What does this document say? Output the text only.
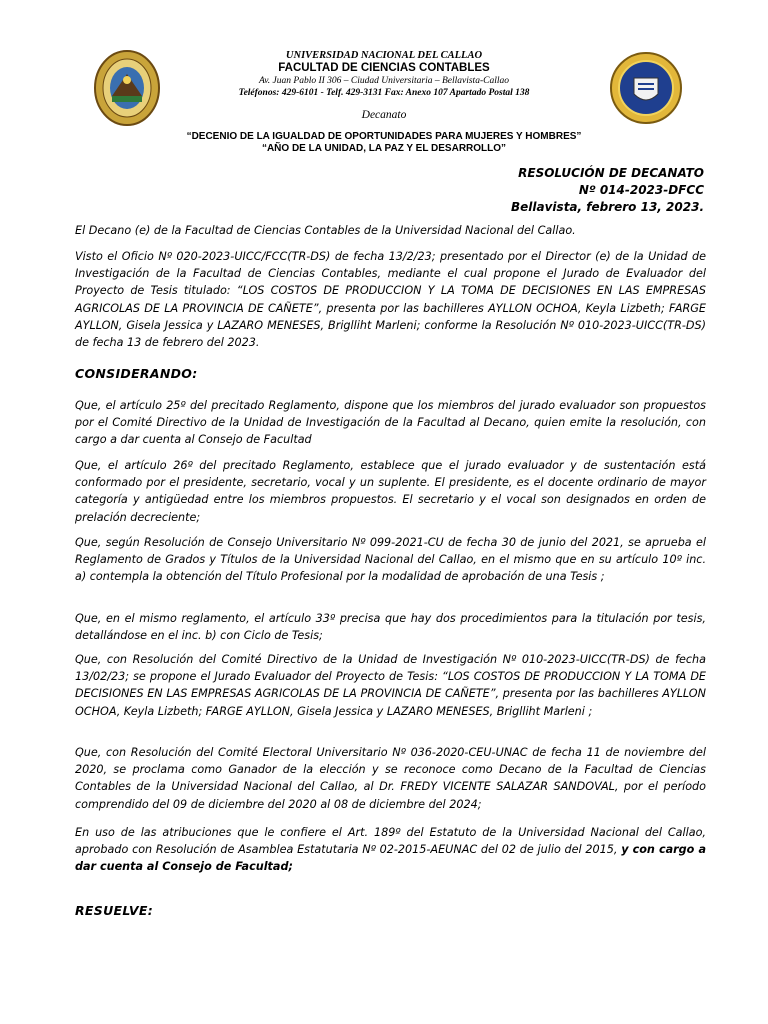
UNIVERSIDAD NACIONAL DEL CALLAO
FACULTAD DE CIENCIAS CONTABLES
Av. Juan Pablo II 306 – Ciudad Universitaria – Bellavista-Callao
Teléfonos: 429-6101 - Telf. 429-3131 Fax: Anexo 107 Apartado Postal 138
Decanato
“DECENIO DE LA IGUALDAD DE OPORTUNIDADES PARA MUJERES Y HOMBRES”
“AÑO DE LA UNIDAD, LA PAZ Y EL DESARROLLO”
RESOLUCIÓN DE DECANATO
Nº 014-2023-DFCC
Bellavista, febrero 13, 2023.

El Decano (e) de la Facultad de Ciencias Contables de la Universidad Nacional del Callao.

Visto el Oficio Nº 020-2023-UICC/FCC(TR-DS) de fecha 13/2/23; presentado por el Director (e) de la Unidad de Investigación de la Facultad de Ciencias Contables, mediante el cual propone el Jurado de Evaluador del Proyecto de Tesis titulado: “LOS COSTOS DE PRODUCCION Y LA TOMA DE DECISIONES EN LAS EMPRESAS AGRICOLAS DE LA PROVINCIA DE CAÑETE”, presenta por las bachilleres AYLLON OCHOA, Keyla Lizbeth; FARGE AYLLON, Gisela Jessica y LAZARO MENESES, Briglliht Marleni; conforme la Resolución Nº 010-2023-UICC(TR-DS) de fecha 13 de febrero del 2023.

CONSIDERANDO:

Que, el artículo 25º del precitado Reglamento, dispone que los miembros del jurado evaluador son propuestos por el Comité Directivo de la Unidad de Investigación de la Facultad al Decano, quien emite la resolución, con cargo a dar cuenta al Consejo de Facultad

Que, el artículo 26º del precitado Reglamento, establece que el jurado evaluador y de sustentación está conformado por el presidente, secretario, vocal y un suplente. El presidente, es el docente ordinario de mayor categoría y antigüedad entre los miembros propuestos. El secretario y el vocal son designados en orden de prelación decreciente;

Que, según Resolución de Consejo Universitario Nº 099-2021-CU de fecha 30 de junio del 2021, se aprueba el Reglamento de Grados y Títulos de la Universidad Nacional del Callao, en el mismo que en su artículo 10º inc. a) contempla la obtención del Título Profesional por la modalidad de aprobación de una Tesis ;

Que, en el mismo reglamento, el artículo 33º precisa que hay dos procedimientos para la titulación por tesis, detallándose en el inc. b) con Ciclo de Tesis;

Que, con Resolución del Comité Directivo de la Unidad de Investigación Nº 010-2023-UICC(TR-DS) de fecha 13/02/23; se propone el Jurado Evaluador del Proyecto de Tesis: “LOS COSTOS DE PRODUCCION Y LA TOMA DE DECISIONES EN LAS EMPRESAS AGRICOLAS DE LA PROVINCIA DE CAÑETE”, presenta por las bachilleres AYLLON OCHOA, Keyla Lizbeth; FARGE AYLLON, Gisela Jessica y LAZARO MENESES, Briglliht Marleni ;

Que, con Resolución del Comité Electoral Universitario Nº 036-2020-CEU-UNAC de fecha 11 de noviembre del 2020, se proclama como Ganador de la elección y se reconoce como Decano de la Facultad de Ciencias Contables de la Universidad Nacional del Callao, al Dr. FREDY VICENTE SALAZAR SANDOVAL, por el período comprendido del 09 de diciembre del 2020 al 08 de diciembre del 2024;

En uso de las atribuciones que le confiere el Art. 189º del Estatuto de la Universidad Nacional del Callao, aprobado con Resolución de Asamblea Estatutaria Nº 02-2015-AEUNAC del 02 de julio del 2015, y con cargo a dar cuenta al Consejo de Facultad;

RESUELVE:
